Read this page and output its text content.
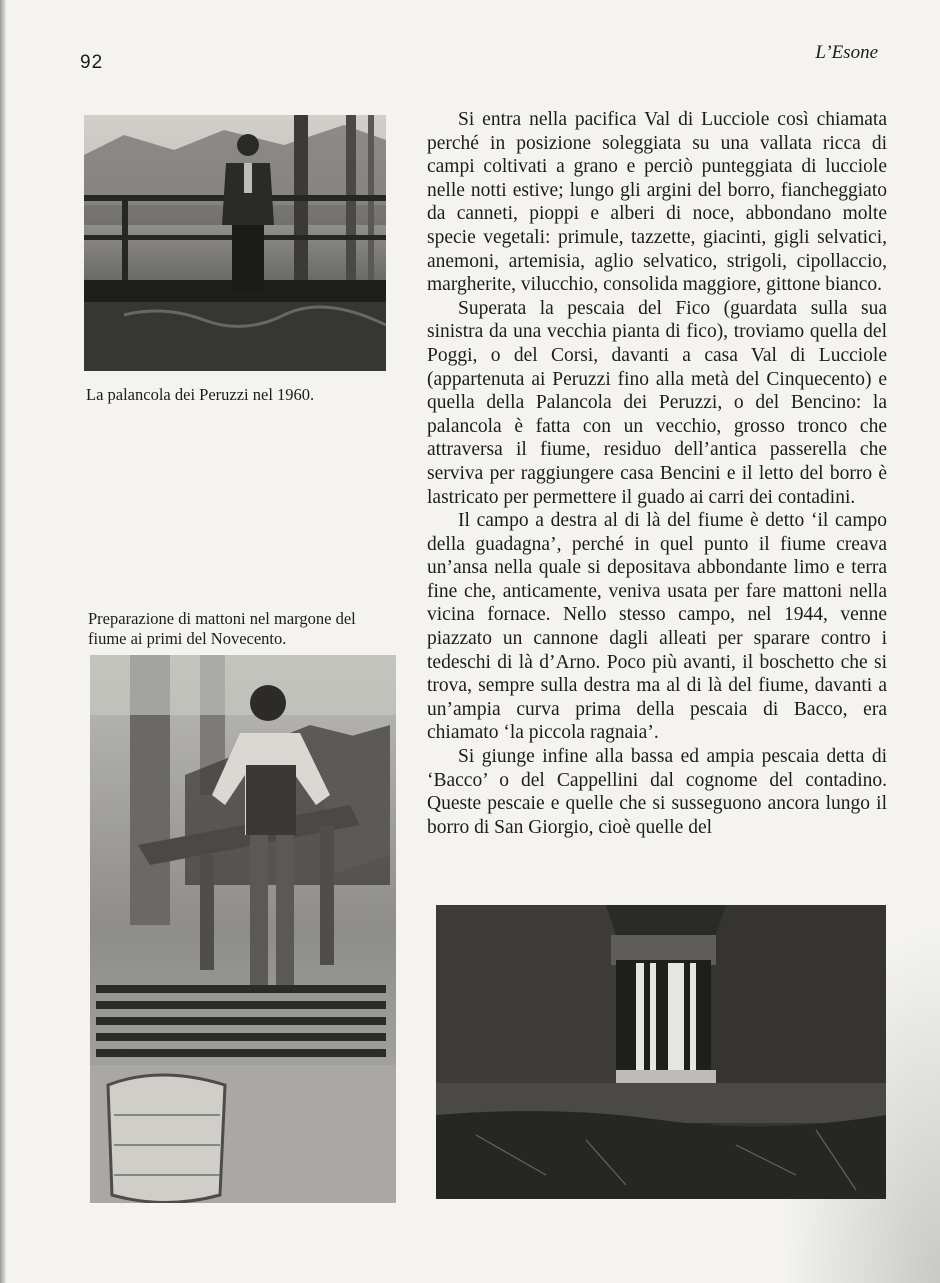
92	L’Esone
La palancola dei Peruzzi nel 1960.
Preparazione di mattoni nel margone del fiume ai primi del Novecento.

Si entra nella pacifica Val di Lucciole così chiamata perché in posizione soleggiata su una vallata ricca di campi coltivati a grano e perciò punteggiata di lucciole nelle notti estive; lungo gli argini del borro, fiancheggiato da canneti, pioppi e alberi di noce, abbondano molte specie vegetali: primule, tazzette, giacinti, gigli selvatici, anemoni, artemisia, aglio selvatico, strigoli, cipollaccio, margherite, vilucchio, consolida maggiore, gittone bianco.

Superata la pescaia del Fico (guardata sulla sua sinistra da una vecchia pianta di fico), troviamo quella del Poggi, o del Corsi, davanti a casa Val di Lucciole (appartenuta ai Peruzzi fino alla metà del Cinquecento) e quella della Palancola dei Peruzzi, o del Bencino: la palancola è fatta con un vecchio, grosso tronco che attraversa il fiume, residuo dell’antica passerella che serviva per raggiungere casa Bencini e il letto del borro è lastricato per permettere il guado ai carri dei contadini.

Il campo a destra al di là del fiume è detto ‘il campo della guadagna’, perché in quel punto il fiume creava un’ansa nella quale si depositava abbondante limo e terra fine che, anticamente, veniva usata per fare mattoni nella vicina fornace. Nello stesso campo, nel 1944, venne piazzato un cannone dagli alleati per sparare contro i tedeschi di là d’Arno. Poco più avanti, il boschetto che si trova, sempre sulla destra ma al di là del fiume, davanti a un’ampia curva prima della pescaia di Bacco, era chiamato ‘la piccola ragnaia’.

Si giunge infine alla bassa ed ampia pescaia detta di ‘Bacco’ o del Cappellini dal cognome del contadino. Queste pescaie e quelle che si susseguono ancora lungo il borro di San Giorgio, cioè quelle del
